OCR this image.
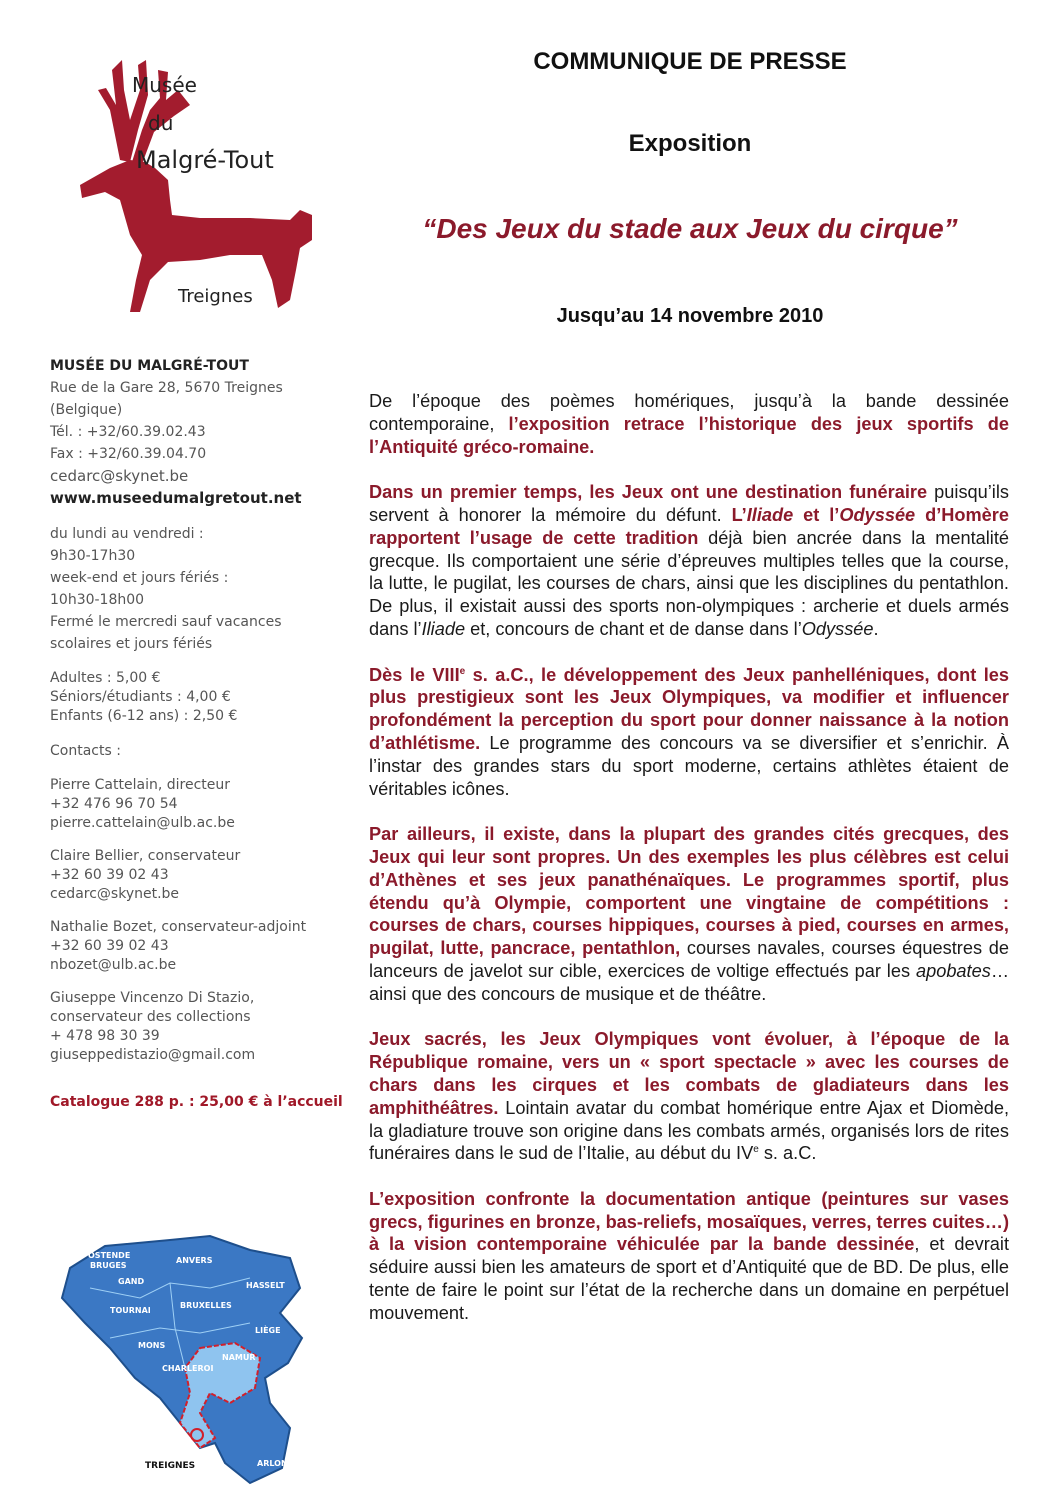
Musée
du
Malgré-Tout
Treignes
MUSÉE DU MALGRÉ-TOUT
Rue de la Gare 28, 5670 Treignes
(Belgique)
Tél. : +32/60.39.02.43
Fax : +32/60.39.04.70
cedarc@skynet.be
www.museedumalgretout.net
du lundi au vendredi :
9h30-17h30
week-end et jours fériés :
10h30-18h00
Fermé le mercredi sauf vacances
scolaires et jours fériés
Adultes : 5,00 €
Séniors/étudiants : 4,00 €
Enfants (6-12 ans) : 2,50 €
Contacts :
Pierre Cattelain, directeur
+32 476 96 70 54
pierre.cattelain@ulb.ac.be
Claire Bellier, conservateur
+32 60 39 02 43
cedarc@skynet.be
Nathalie Bozet, conservateur-adjoint
+32 60 39 02 43
nbozet@ulb.ac.be
Giuseppe Vincenzo Di Stazio,
conservateur des collections
+ 478 98 30 39
giuseppedistazio@gmail.com
Catalogue 288 p. : 25,00 € à l’accueil
OSTENDE
BRUGES
GAND
ANVERS
HASSELT
TOURNAI
BRUXELLES
MONS
LIÈGE
NAMUR
CHARLEROI
TREIGNES	ARLON
COMMUNIQUE DE PRESSE
Exposition
“Des Jeux du stade aux Jeux du cirque”
Jusqu’au 14 novembre 2010

De l’époque des poèmes homériques, jusqu’à la bande dessinée contemporaine, l’exposition retrace l’historique des jeux sportifs de l’Antiquité gréco-romaine.

Dans un premier temps, les Jeux ont une destination funéraire puisqu’ils servent à honorer la mémoire du défunt. L’Iliade et l’Odyssée d’Homère rapportent l’usage de cette tradition déjà bien ancrée dans la mentalité grecque. Ils comportaient une série d’épreuves multiples telles que la course, la lutte, le pugilat, les courses de chars, ainsi que les disciplines du pentathlon. De plus, il existait aussi des sports non-olympiques : archerie et duels armés dans l’Iliade et, concours de chant et de danse dans l’Odyssée.

Dès le VIIIe s. a.C., le développement des Jeux panhelléniques, dont les plus prestigieux sont les Jeux Olympiques, va modifier et influencer profondément la perception du sport pour donner naissance à la notion d’athlétisme. Le programme des concours va se diversifier et s’enrichir. À l’instar des grandes stars du sport moderne, certains athlètes étaient de véritables icônes.

Par ailleurs, il existe, dans la plupart des grandes cités grecques, des Jeux qui leur sont propres. Un des exemples les plus célèbres est celui d’Athènes et ses jeux panathénaïques. Le programmes sportif, plus étendu qu’à Olympie, comportent une vingtaine de compétitions : courses de chars, courses hippiques, courses à pied, courses en armes, pugilat, lutte, pancrace, pentathlon, courses navales, courses équestres de lanceurs de javelot sur cible, exercices de voltige effectués par les apobates… ainsi que des concours de musique et de théâtre.

Jeux sacrés, les Jeux Olympiques vont évoluer, à l’époque de la République romaine, vers un « sport spectacle » avec les courses de chars dans les cirques et les combats de gladiateurs dans les amphithéâtres. Lointain avatar du combat homérique entre Ajax et Diomède, la gladiature trouve son origine dans les combats armés, organisés lors de rites funéraires dans le sud de l’Italie, au début du IVe s. a.C.

L’exposition confronte la documentation antique (peintures sur vases grecs, figurines en bronze, bas-reliefs, mosaïques, verres, terres cuites…) à la vision contemporaine véhiculée par la bande dessinée, et devrait séduire aussi bien les amateurs de sport et d’Antiquité que de BD. De plus, elle tente de faire le point sur l’état de la recherche dans un domaine en perpétuel mouvement.
